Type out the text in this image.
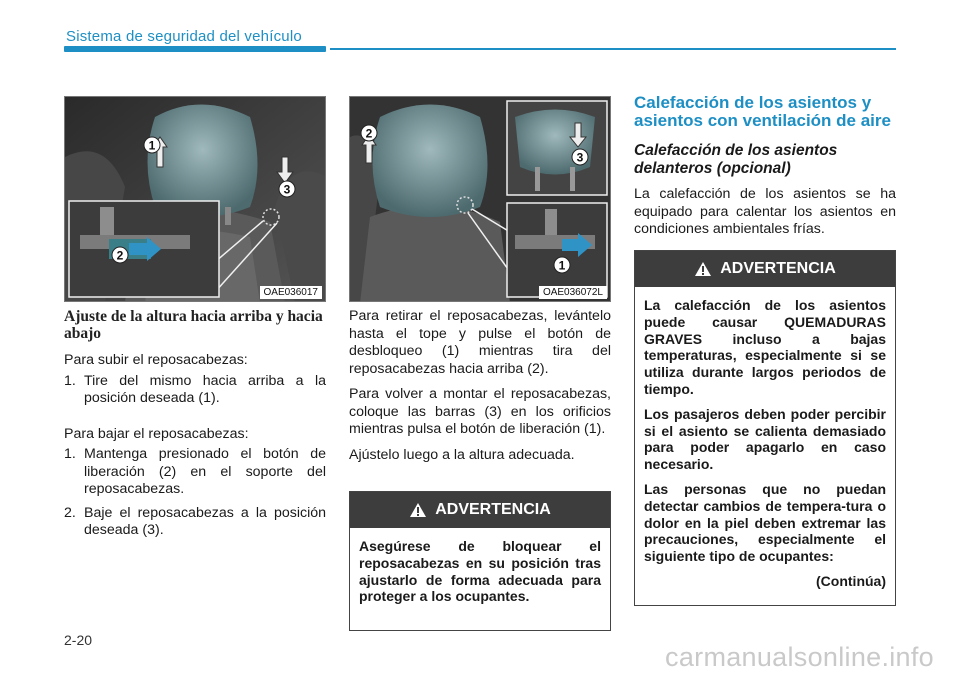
Sistema de seguridad del vehículo
2
1
3
OAE036017
3
1
2
OAE036072L
Ajuste de la altura hacia arriba y hacia abajo

Para subir el reposacabezas:

1. Tire del mismo hacia arriba a la posición deseada (1).

Para bajar el reposacabezas:

1. Mantenga presionado el botón de liberación (2) en el soporte del reposacabezas.
2. Baje el reposacabezas a la posición deseada (3).

Para retirar el reposacabezas, levántelo hasta el tope y pulse el botón de desbloqueo (1) mientras tira del reposacabezas hacia arriba (2).

Para volver a montar el reposacabezas, coloque las barras (3) en los orificios mientras pulsa el botón de liberación (1).

Ajústelo luego a la altura adecuada.

ADVERTENCIA
Asegúrese de bloquear el reposacabezas en su posición tras ajustarlo de forma adecuada para proteger a los ocupantes.
Calefacción de los asientos y asientos con ventilación de aire
Calefacción de los asientos delanteros (opcional)

La calefacción de los asientos se ha equipado para calentar los asientos en condiciones ambientales frías.

ADVERTENCIA
La calefacción de los asientos puede causar QUEMADURAS GRAVES incluso a bajas temperaturas, especialmente si se utiliza durante largos periodos de tiempo.
Los pasajeros deben poder percibir si el asiento se calienta demasiado para poder apagarlo en caso necesario.
Las personas que no puedan detectar cambios de tempera-tura o dolor en la piel deben extremar las precauciones, especialmente el siguiente tipo de ocupantes:
(Continúa)
2-20
carmanualsonline.info
